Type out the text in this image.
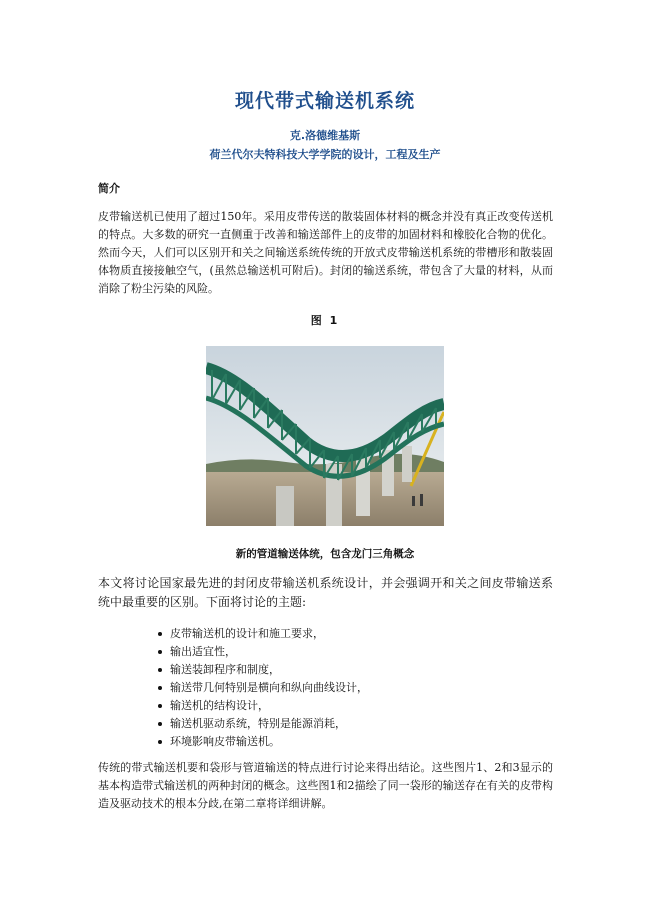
现代带式输送机系统
克.洛德维基斯
荷兰代尔夫特科技大学学院的设计，工程及生产
简介
皮带输送机已使用了超过150年。采用皮带传送的散装固体材料的概念并没有真正改变传送机的特点。大多数的研究一直侧重于改善和输送部件上的皮带的加固材料和橡胶化合物的优化。然而今天，人们可以区别开和关之间输送系统传统的开放式皮带输送机系统的带槽形和散装固体物质直接接触空气，(虽然总输送机可附后)。封闭的输送系统，带包含了大量的材料，从而消除了粉尘污染的风险。
图 1
新的管道输送体统，包含龙门三角概念
本文将讨论国家最先进的封闭皮带输送机系统设计，并会强调开和关之间皮带输送系统中最重要的区别。下面将讨论的主题:
皮带输送机的设计和施工要求，
输出适宜性，
输送装卸程序和制度，
输送带几何特别是横向和纵向曲线设计，
输送机的结构设计，
输送机驱动系统，特别是能源消耗，
环境影响皮带输送机。
传统的带式输送机要和袋形与管道输送的特点进行讨论来得出结论。这些图片1、2和3显示的基本构造带式输送机的两种封闭的概念。这些图1和2描绘了同一袋形的输送存在有关的皮带构造及驱动技术的根本分歧,在第二章将详细讲解。
